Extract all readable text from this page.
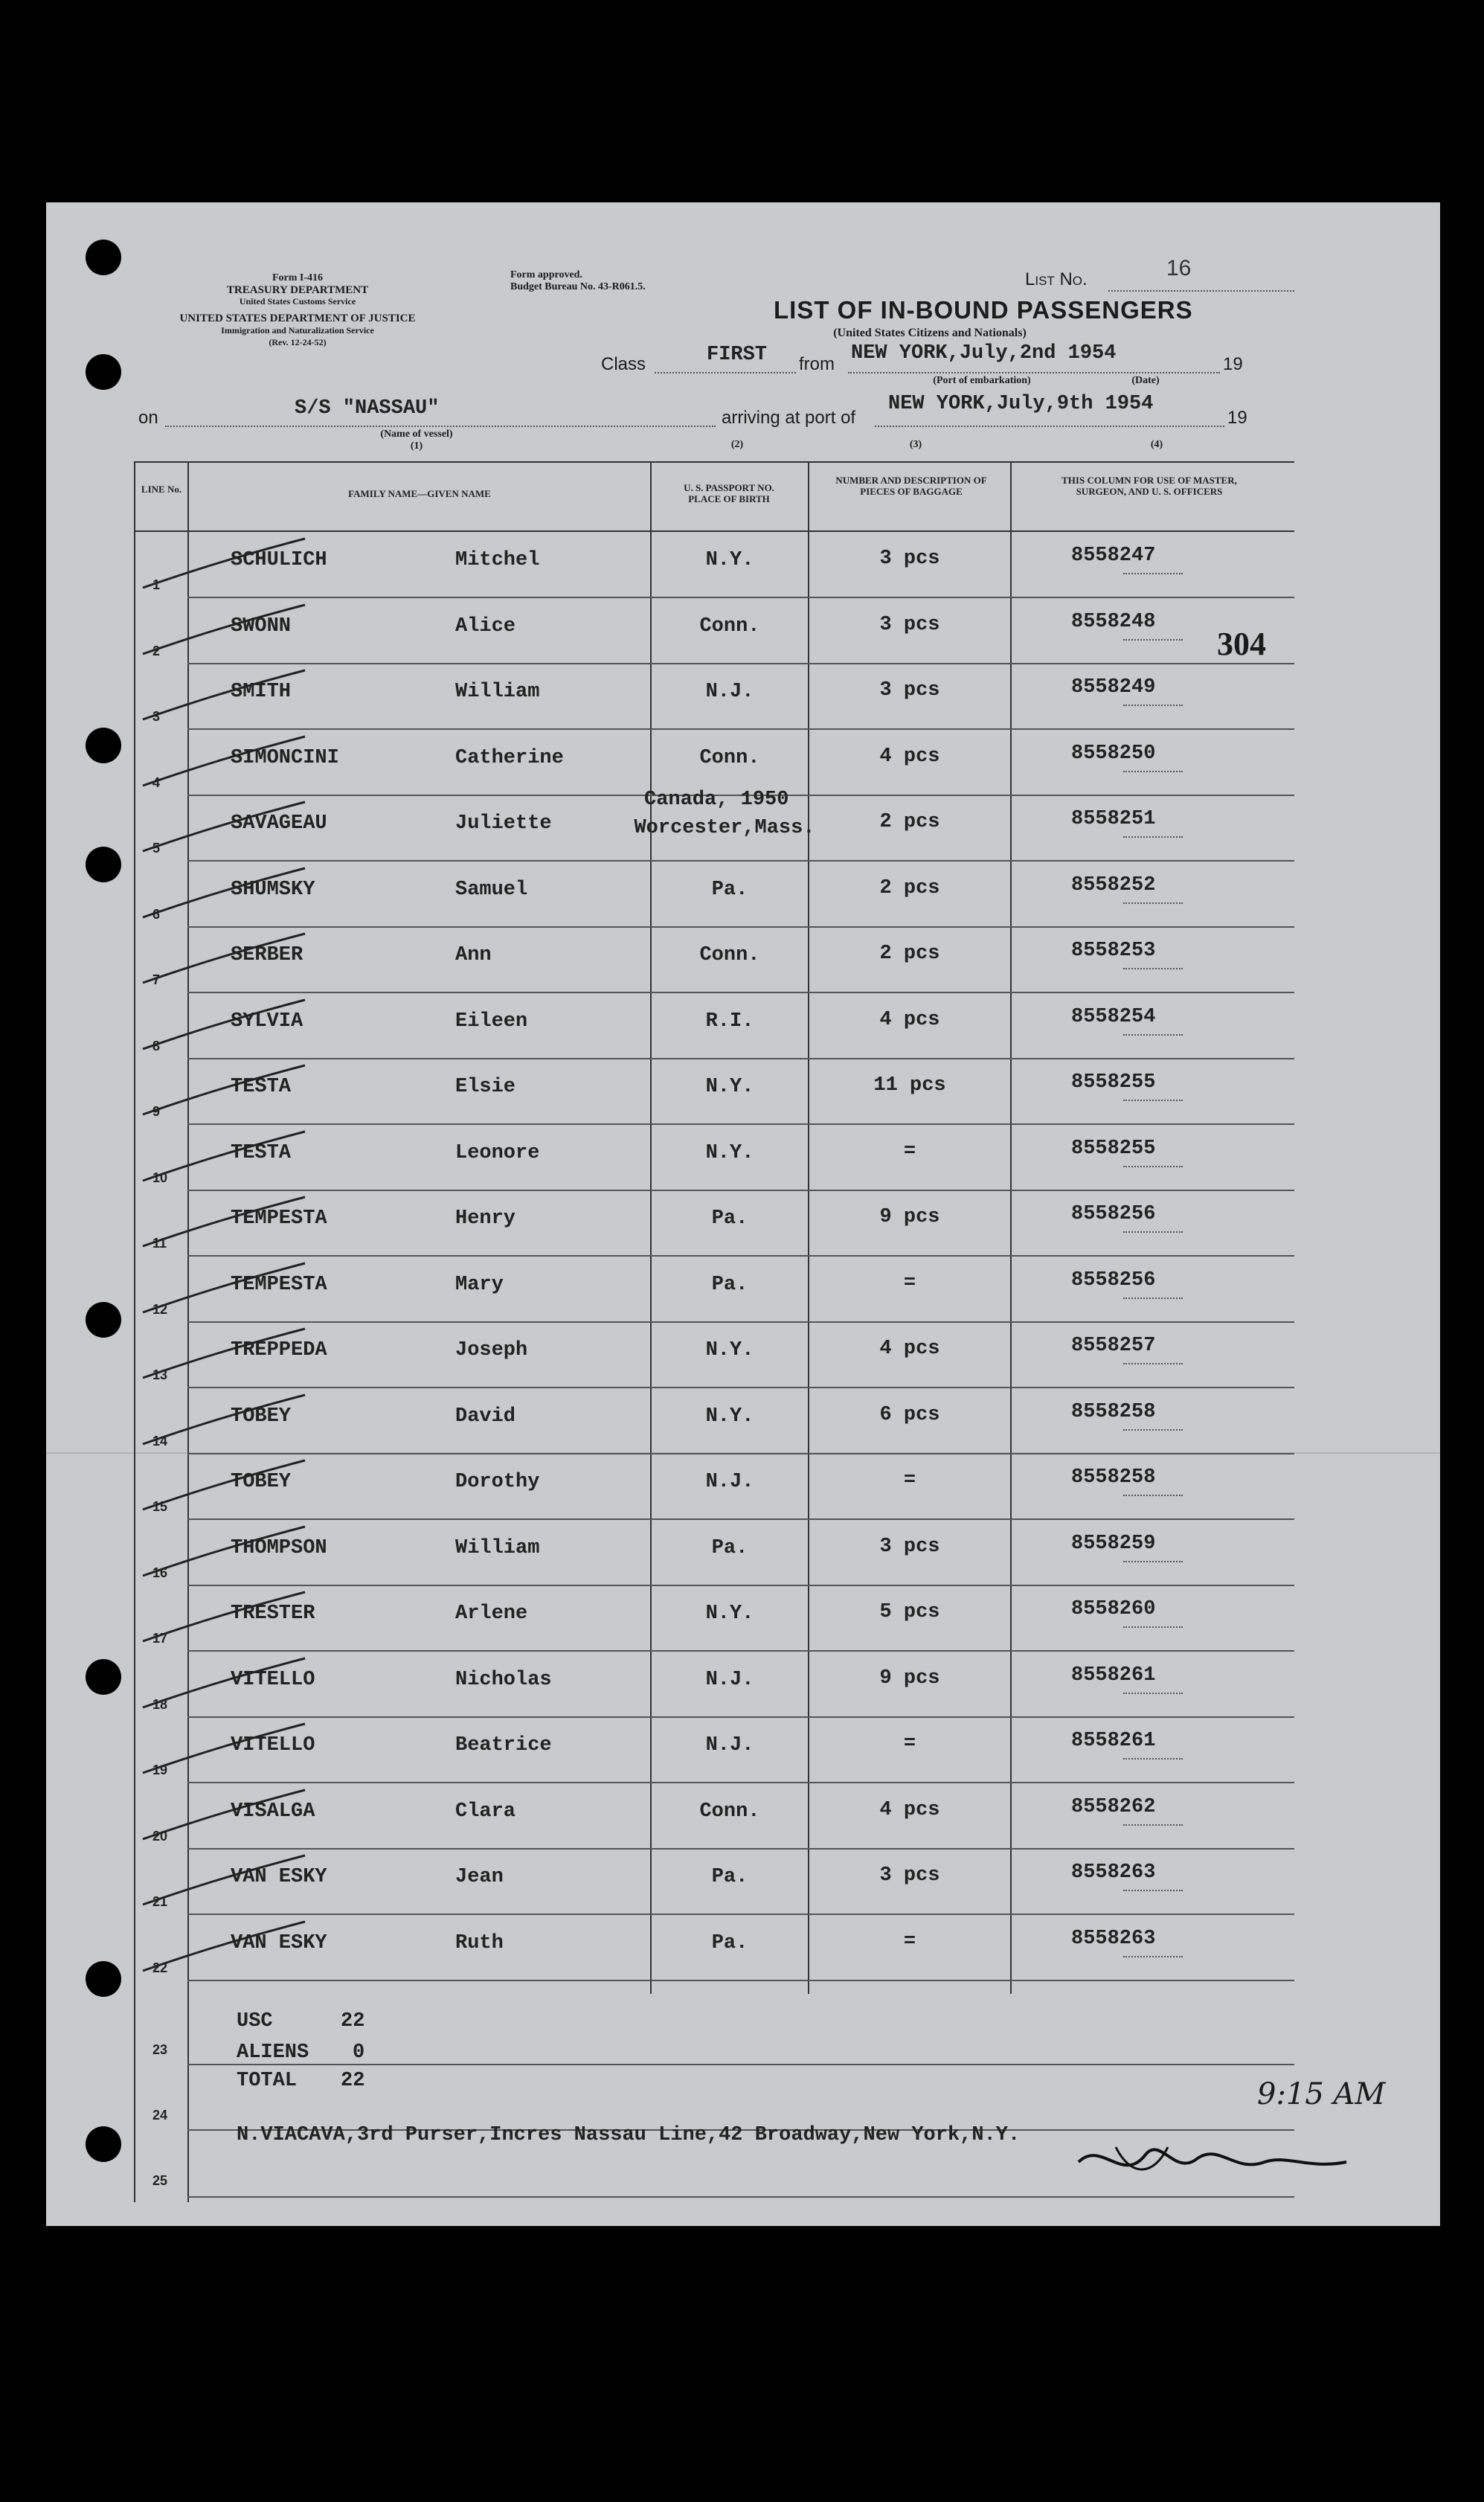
Form I-416
TREASURY DEPARTMENT
United States Customs Service
UNITED STATES DEPARTMENT OF JUSTICE
Immigration and Naturalization Service
(Rev. 12-24-52)
Form approved.
Budget Bureau No. 43-R061.5.	List No.	16
LIST OF IN-BOUND PASSENGERS
(United States Citizens and Nationals)
Class	FIRST from NEW YORK,July,2nd 1954	19
(Port of embarkation)	(Date)
on	S/S "NASSAU"
(Name of vessel)
(1)
arriving at port of
NEW YORK,July,9th 1954
19
(2)	(3)	(4)
LINE No.	FAMILY NAME—GIVEN NAME
U. S. PASSPORT NO. PLACE OF BIRTH
NUMBER AND DESCRIPTION OF PIECES OF BAGGAGE
THIS COLUMN FOR USE OF MASTER, SURGEON, AND U. S. OFFICERS
304
1
SCHULICH	Mitchel	N.Y.	3 pcs	8558247
2
SWONN	Alice	Conn.	3 pcs	8558248
3
SMITH	William	N.J.	3 pcs	8558249
4
SIMONCINI	Catherine	Conn.	4 pcs	8558250
5
SAVAGEAU	Juliette	Worcester,Mass.	2 pcs	8558251
Canada, 1950
6
SHUMSKY	Samuel	Pa.	2 pcs	8558252
7
SERBER	Ann	Conn.	2 pcs	8558253
8
SYLVIA	Eileen	R.I.	4 pcs	8558254
9
TESTA	Elsie	N.Y.	11 pcs	8558255
10
TESTA	Leonore	N.Y.	=	8558255
11
TEMPESTA	Henry	Pa.	9 pcs	8558256
12
TEMPESTA	Mary	Pa.	=	8558256
13
TREPPEDA	Joseph	N.Y.	4 pcs	8558257
14
TOBEY	David	N.Y.	6 pcs	8558258
15
TOBEY	Dorothy	N.J.	=	8558258
16
THOMPSON	William	Pa.	3 pcs	8558259
17
TRESTER	Arlene	N.Y.	5 pcs	8558260
18
VITELLO	Nicholas	N.J.	9 pcs	8558261
19
VITELLO	Beatrice	N.J.	=	8558261
20
VISALGA	Clara	Conn.	4 pcs	8558262
21
VAN ESKY	Jean	Pa.	3 pcs	8558263
22
VAN ESKY	Ruth	Pa.	=	8558263
23
24
25
USC	22
ALIENS 0
TOTAL 22
N.VIACAVA,3rd Purser,Incres Nassau Line,42 Broadway,New York,N.Y.
9:15 AM
